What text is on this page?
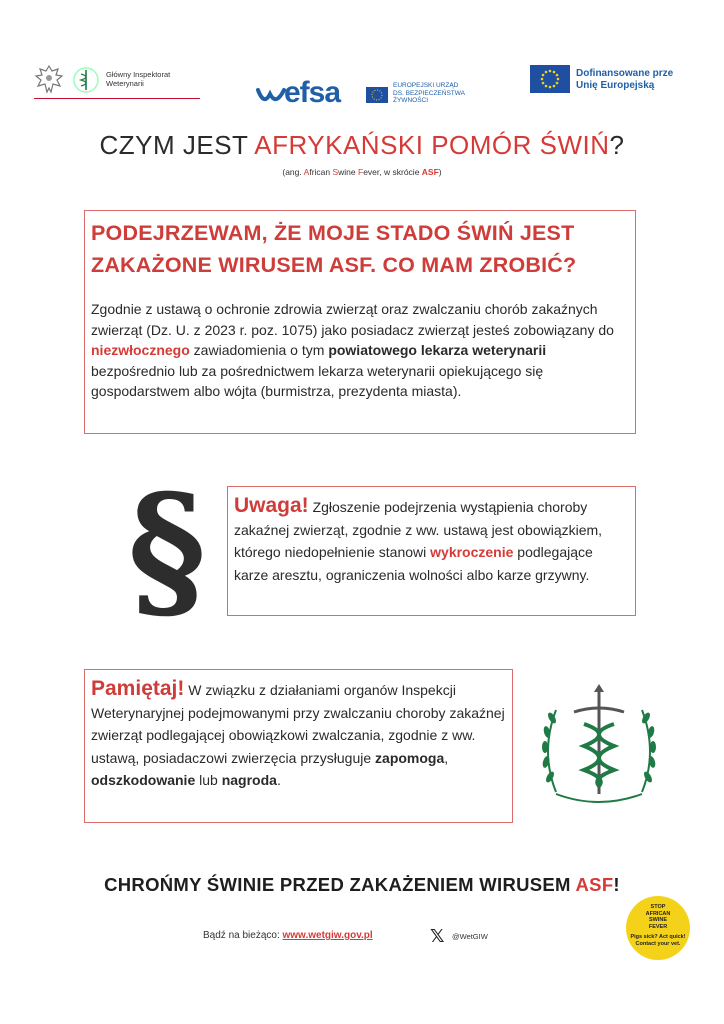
Główny Inspektorat
Weterynarii	efsa	EUROPEJSKI URZĄD
DS. BEZPIECZEŃSTWA
ŻYWNOŚCI
Dofinansowane prze
Unię Europejską
CZYM JEST AFRYKAŃSKI POMÓR ŚWIŃ?
(ang. African Swine Fever, w skrócie ASF)
PODEJRZEWAM, ŻE MOJE STADO ŚWIŃ JEST
ZAKAŻONE WIRUSEM ASF. CO MAM ZROBIĆ?
Zgodnie z ustawą o ochronie zdrowia zwierząt oraz zwalczaniu chorób zakaźnych zwierząt (Dz. U. z 2023 r. poz. 1075) jako posiadacz zwierząt jesteś zobowiązany do niezwłocznego zawiadomienia o tym powiatowego lekarza weterynarii bezpośrednio lub za pośrednictwem lekarza weterynarii opiekującego się gospodarstwem albo wójta (burmistrza, prezydenta miasta).
§ Uwaga! Zgłoszenie podejrzenia wystąpienia choroby zakaźnej zwierząt, zgodnie z ww. ustawą jest obowiązkiem, którego niedopełnienie stanowi wykroczenie podlegające karze aresztu, ograniczenia wolności albo karze grzywny.
Pamiętaj! W związku z działaniami organów Inspekcji Weterynaryjnej podejmowanymi przy zwalczaniu choroby zakaźnej zwierząt podlegającej obowiązkowi zwalczania, zgodnie z ww. ustawą, posiadaczowi zwierzęcia przysługuje zapomoga, odszkodowanie lub nagroda.
CHROŃMY ŚWINIE PRZED ZAKAŻENIEM WIRUSEM ASF!
Bądź na bieżąco: www.wetgiw.gov.pl	𝕏 @WetGIW
STOP
AFRICAN
SWINE
FEVER
Pigs sick? Act quick!
Contact your vet.
